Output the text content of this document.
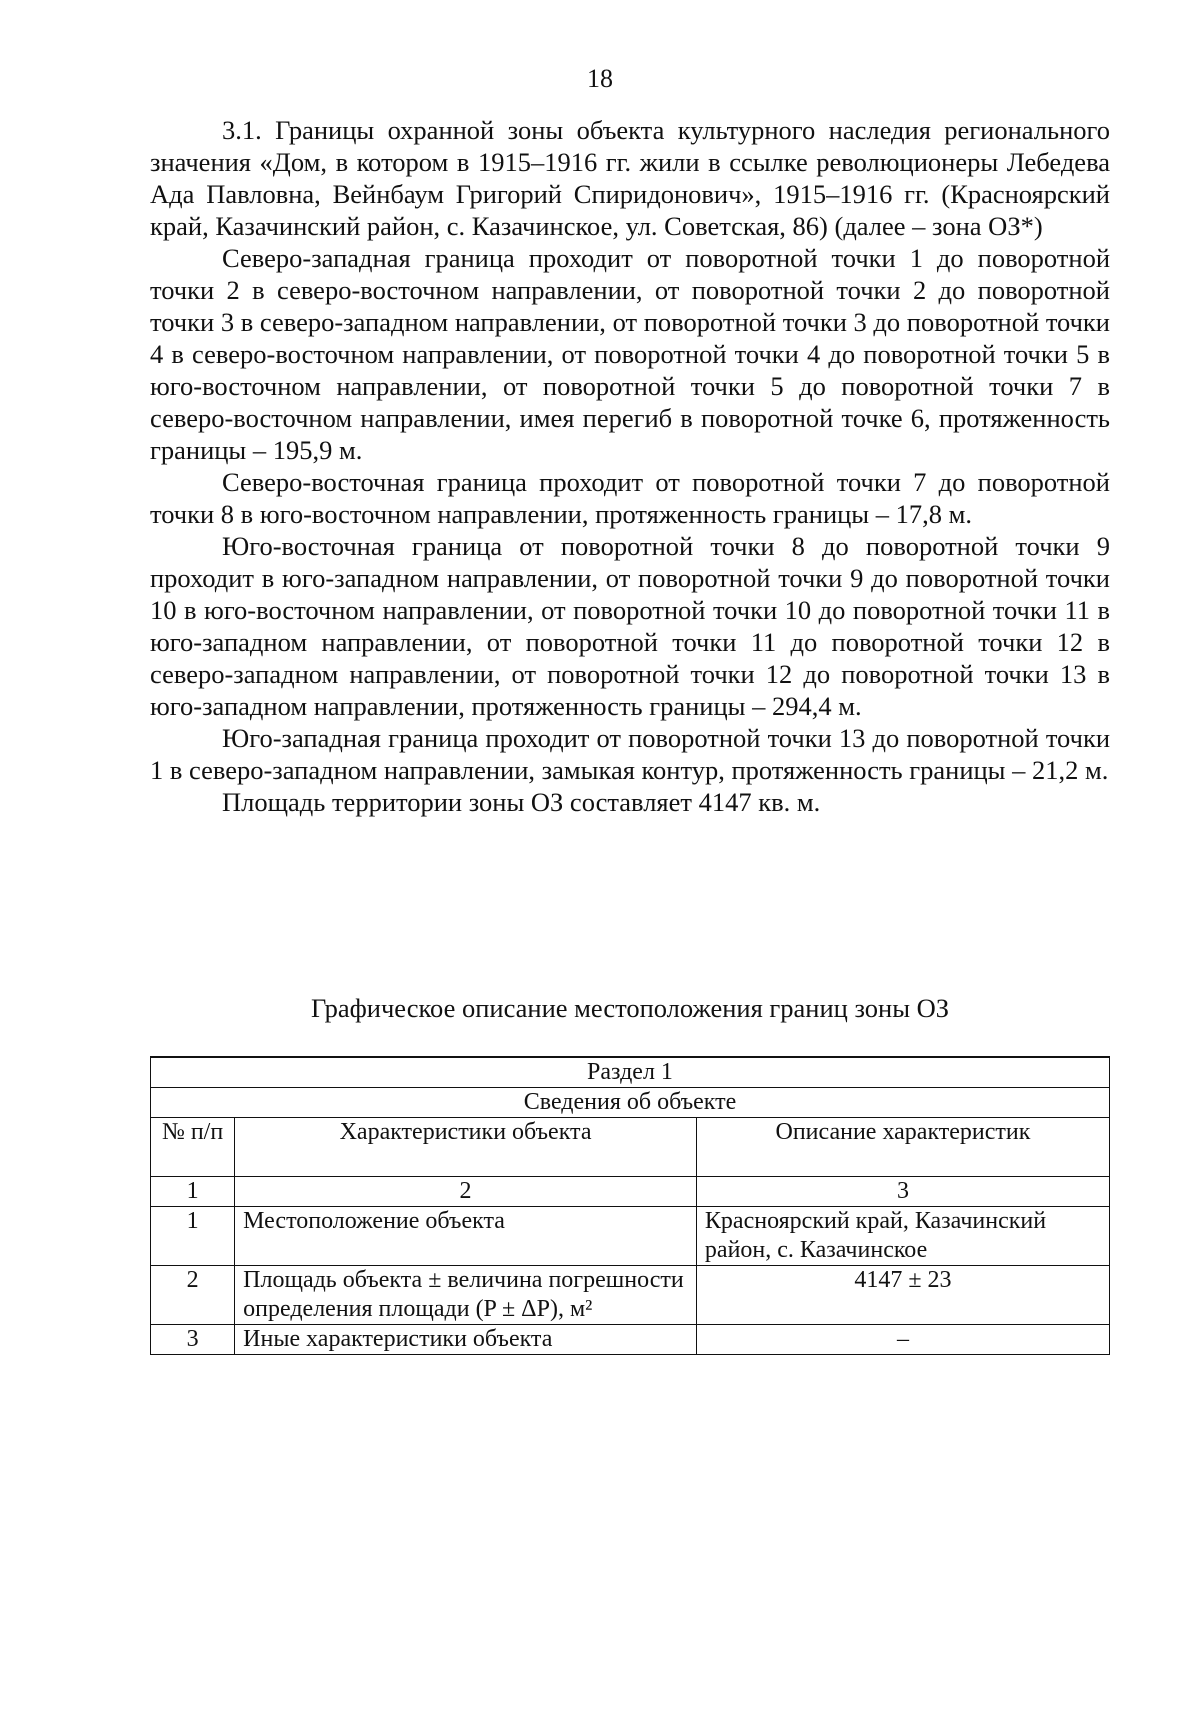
18

3.1. Границы охранной зоны объекта культурного наследия регионального значения «Дом, в котором в 1915–1916 гг. жили в ссылке революционеры Лебедева Ада Павловна, Вейнбаум Григорий Спиридонович», 1915–1916 гг. (Красноярский край, Казачинский район, с. Казачинское, ул. Советская, 86) (далее – зона ОЗ*)

Северо-западная граница проходит от поворотной точки 1 до поворотной точки 2 в северо-восточном направлении, от поворотной точки 2 до поворотной точки 3 в северо-западном направлении, от поворотной точки 3 до поворотной точки 4 в северо-восточном направлении, от поворотной точки 4 до поворотной точки 5 в юго-восточном направлении, от поворотной точки 5 до поворотной точки 7 в северо-восточном направлении, имея перегиб в поворотной точке 6, протяженность границы – 195,9 м.

Северо-восточная граница проходит от поворотной точки 7 до поворотной точки 8 в юго-восточном направлении, протяженность границы – 17,8 м.

Юго-восточная граница от поворотной точки 8 до поворотной точки 9 проходит в юго-западном направлении, от поворотной точки 9 до поворотной точки 10 в юго-восточном направлении, от поворотной точки 10 до поворотной точки 11 в юго-западном направлении, от поворотной точки 11 до поворотной точки 12 в северо-западном направлении, от поворотной точки 12 до поворотной точки 13 в юго-западном направлении, протяженность границы – 294,4 м.

Юго-западная граница проходит от поворотной точки 13 до поворотной точки 1 в северо-западном направлении, замыкая контур, протяженность границы – 21,2 м.

Площадь территории зоны ОЗ составляет 4147 кв. м.

Графическое описание местоположения границ зоны ОЗ

Раздел 1		
Сведения об объекте		
№ п/п	Характеристики объекта	Описание характеристик
1	2	3
1	Местоположение объекта	Красноярский край, Казачинский район, с. Казачинское
2	Площадь объекта ± величина погрешности определения площади (P ± ΔP), м²	4147 ± 23
3	Иные характеристики объекта	–
